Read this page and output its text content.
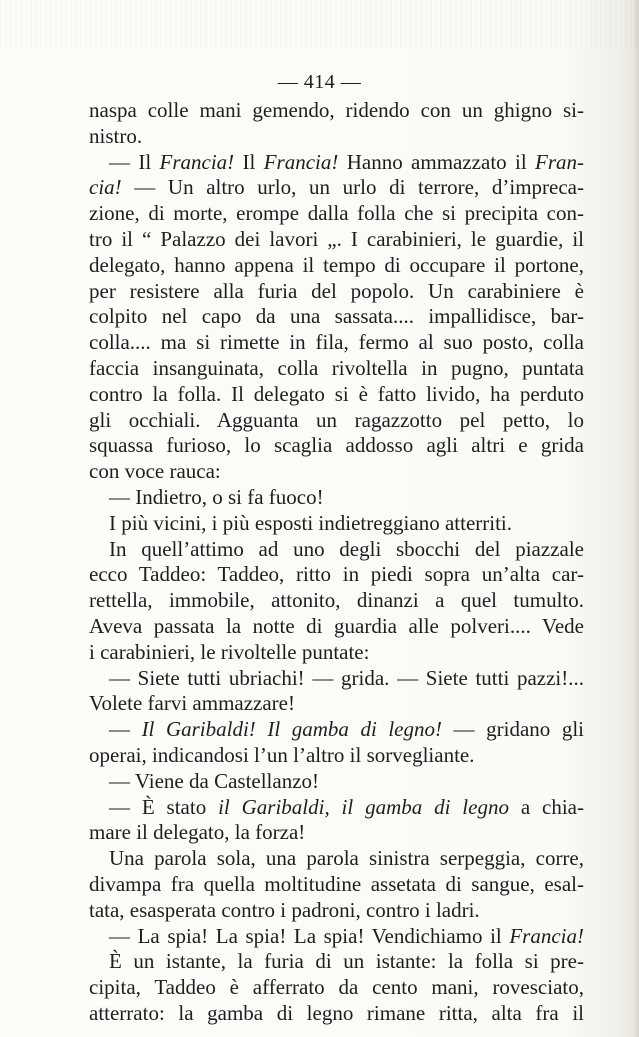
— 414 —
naspa colle mani gemendo, ridendo con un ghigno si-
nistro.
— Il Francia! Il Francia! Hanno ammazzato il Fran-
cia! — Un altro urlo, un urlo di terrore, d’impreca-
zione, di morte, erompe dalla folla che si precipita con-
tro il “ Palazzo dei lavori „. I carabinieri, le guardie, il
delegato, hanno appena il tempo di occupare il portone,
per resistere alla furia del popolo. Un carabiniere è
colpito nel capo da una sassata.... impallidisce, bar-
colla.... ma si rimette in fila, fermo al suo posto, colla
faccia insanguinata, colla rivoltella in pugno, puntata
contro la folla. Il delegato si è fatto livido, ha perduto
gli occhiali. Agguanta un ragazzotto pel petto, lo
squassa furioso, lo scaglia addosso agli altri e grida
con voce rauca:
— Indietro, o si fa fuoco!
I più vicini, i più esposti indietreggiano atterriti.
In quell’attimo ad uno degli sbocchi del piazzale
ecco Taddeo: Taddeo, ritto in piedi sopra un’alta car-
rettella, immobile, attonito, dinanzi a quel tumulto.
Aveva passata la notte di guardia alle polveri.... Vede
i carabinieri, le rivoltelle puntate:
— Siete tutti ubriachi! — grida. — Siete tutti pazzi!...
Volete farvi ammazzare!
— Il Garibaldi! Il gamba di legno! — gridano gli
operai, indicandosi l’un l’altro il sorvegliante.
— Viene da Castellanzo!
— È stato il Garibaldi, il gamba di legno a chia-
mare il delegato, la forza!
Una parola sola, una parola sinistra serpeggia, corre,
divampa fra quella moltitudine assetata di sangue, esal-
tata, esasperata contro i padroni, contro i ladri.
— La spia! La spia! La spia! Vendichiamo il Francia!
È un istante, la furia di un istante: la folla si pre-
cipita, Taddeo è afferrato da cento mani, rovesciato,
atterrato: la gamba di legno rimane ritta, alta fra il
